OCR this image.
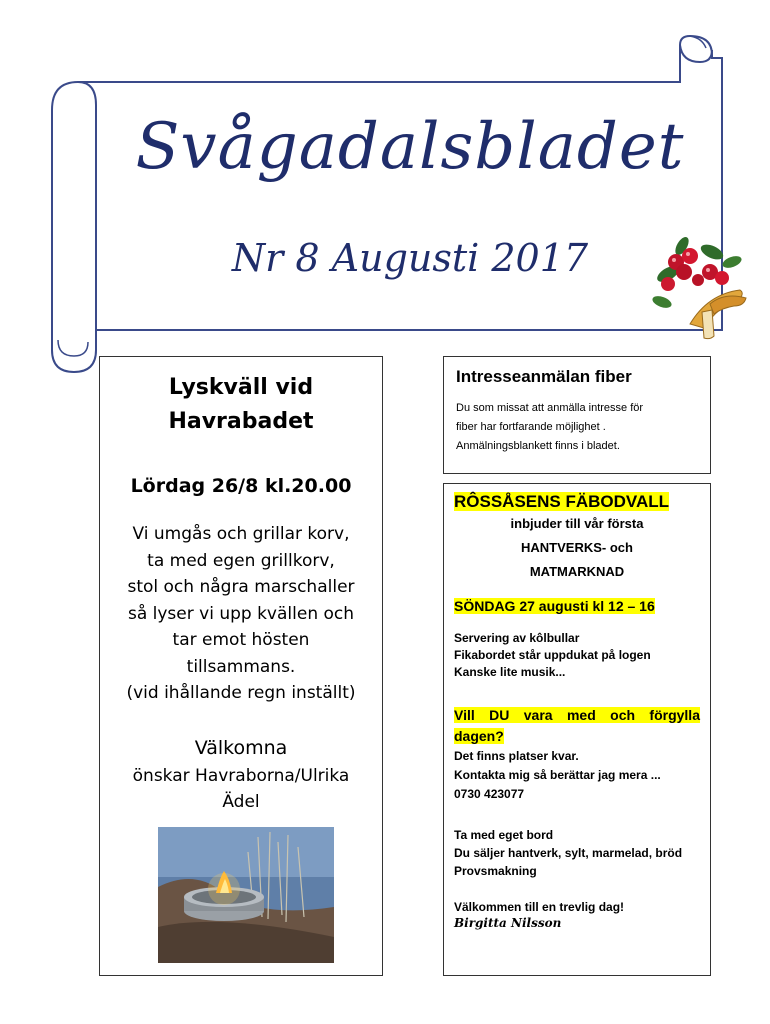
Svågadalsbladet
Nr 8 Augusti 2017
Lyskväll vid
Havrabadet
Lördag 26/8 kl.20.00
Vi umgås och grillar korv,
ta med egen grillkorv,
stol och några marschaller
så lyser vi upp kvällen och
tar emot hösten
tillsammans.
(vid ihållande regn inställt)
Välkomna
önskar Havraborna/Ulrika
Ädel
Intresseanmälan fiber
Du som missat att anmälla intresse för
fiber har fortfarande möjlighet .
Anmälningsblankett finns i bladet.
RÔSSÅSENS FÄBODVALL
inbjuder till vår första
HANTVERKS- och
MATMARKNAD
SÖNDAG 27 augusti kl 12 – 16
Servering av kôlbullar
Fikabordet står uppdukat på logen
Kanske lite musik...
Vill DU vara med och förgylla dagen?
Det finns platser kvar.
Kontakta mig så berättar jag mera ...
0730 423077
Ta med eget bord
Du säljer hantverk, sylt, marmelad, bröd
Provsmakning
Välkommen till en trevlig dag!
Birgitta Nilsson
